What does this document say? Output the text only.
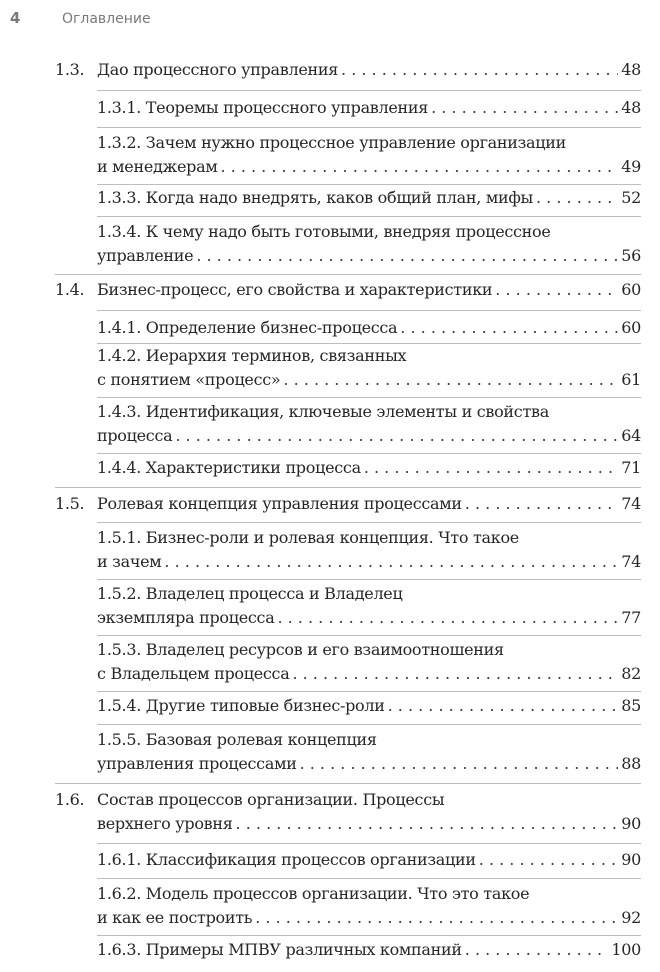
4	Оглавление
1.3. Дао процессного управления . . .	48
1.3.1. Теоремы процессного управления . . .	48
1.3.2. Зачем нужно процессное управление организации
и менеджерам . . .	49
1.3.3. Когда надо внедрять, каков общий план, мифы . . .	52
1.3.4. К чему надо быть готовыми, внедряя процессное
управление . . .	56
1.4. Бизнес-процесс, его свойства и характеристики . . .	60
1.4.1. Определение бизнес-процесса . . .	60
1.4.2. Иерархия терминов, связанных
с понятием «процесс» . . .	61
1.4.3. Идентификация, ключевые элементы и свойства
процесса . . .	64
1.4.4. Характеристики процесса . . .	71
1.5. Ролевая концепция управления процессами . . .	74
1.5.1. Бизнес-роли и ролевая концепция. Что такое
и зачем . . .	74
1.5.2. Владелец процесса и Владелец
экземпляра процесса . . .	77
1.5.3. Владелец ресурсов и его взаимоотношения
с Владельцем процесса . . .	82
1.5.4. Другие типовые бизнес-роли . . .	85
1.5.5. Базовая ролевая концепция
управления процессами . . .	88
1.6. Состав процессов организации. Процессы
верхнего уровня . . .	90
1.6.1. Классификация процессов организации . . .	90
1.6.2. Модель процессов организации. Что это такое
и как ее построить . . .	92
1.6.3. Примеры МПВУ различных компаний . . .	100
